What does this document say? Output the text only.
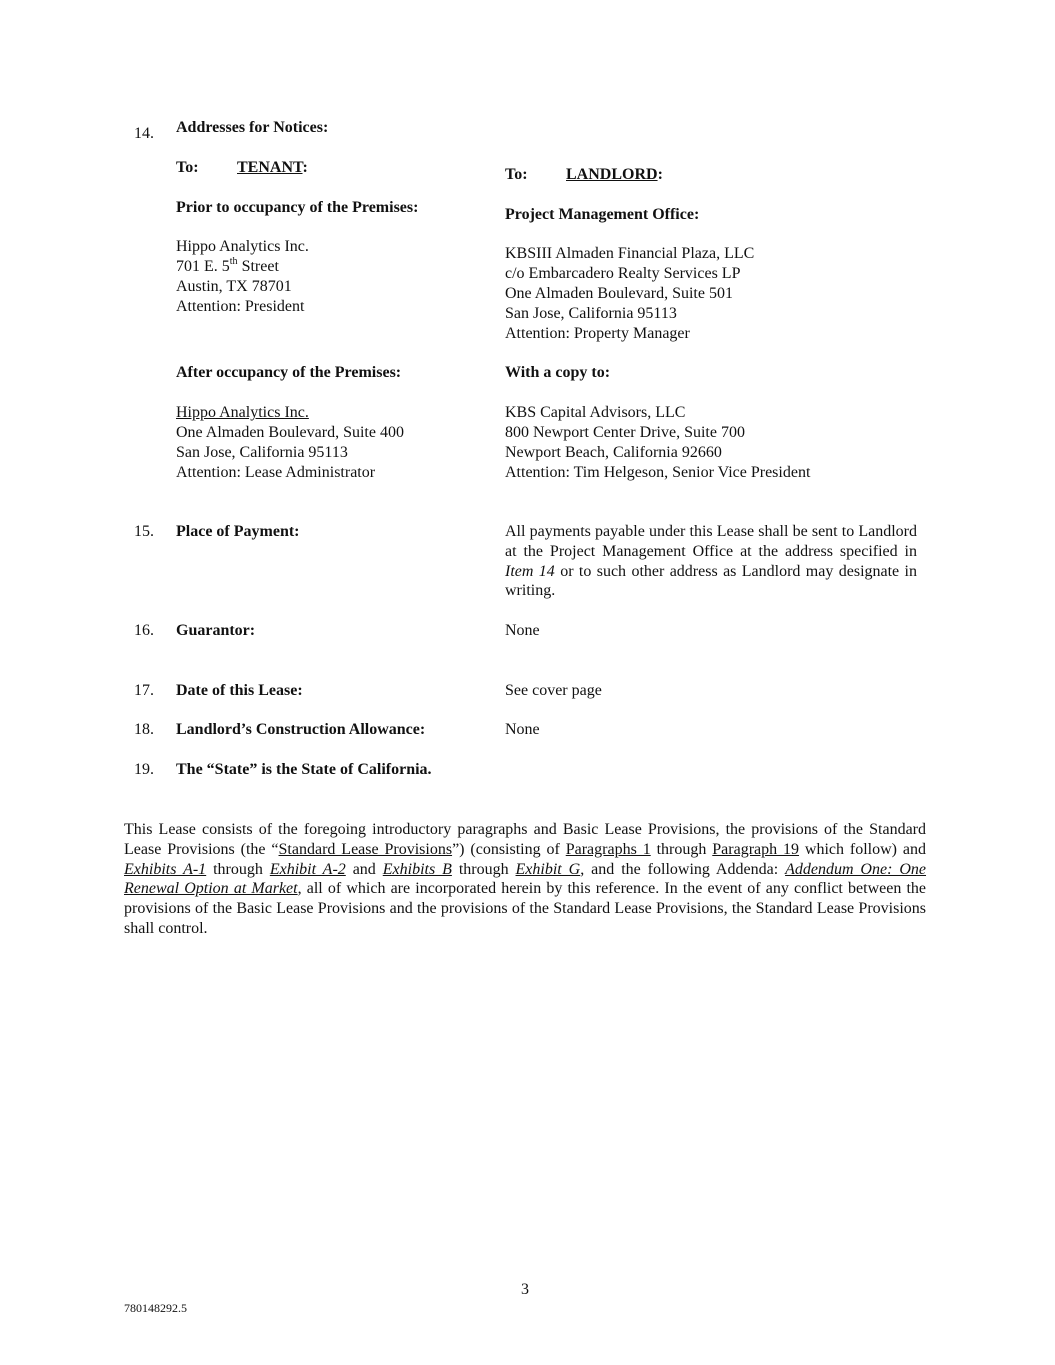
14. Addresses for Notices:
To: TENANT:
Prior to occupancy of the Premises:
Hippo Analytics Inc.
701 E. 5th Street
Austin, TX 78701
Attention: President
After occupancy of the Premises:
Hippo Analytics Inc.
One Almaden Boulevard, Suite 400
San Jose, California 95113
Attention: Lease Administrator
To: LANDLORD:
Project Management Office:
KBSIII Almaden Financial Plaza, LLC
c/o Embarcadero Realty Services LP
One Almaden Boulevard, Suite 501
San Jose, California 95113
Attention: Property Manager
With a copy to:
KBS Capital Advisors, LLC
800 Newport Center Drive, Suite 700
Newport Beach, California 92660
Attention: Tim Helgeson, Senior Vice President
15. Place of Payment:	All payments payable under this Lease shall be sent to Landlord at the Project Management Office at the address specified in Item 14 or to such other address as Landlord may designate in writing.
16. Guarantor:	None
17. Date of this Lease:	See cover page
18. Landlord’s Construction Allowance:	None
19. The “State” is the State of California.
This Lease consists of the foregoing introductory paragraphs and Basic Lease Provisions, the provisions of the Standard Lease Provisions (the “Standard Lease Provisions”) (consisting of Paragraphs 1 through Paragraph 19 which follow) and Exhibits A-1 through Exhibit A-2 and Exhibits B through Exhibit G, and the following Addenda: Addendum One: One Renewal Option at Market, all of which are incorporated herein by this reference. In the event of any conflict between the provisions of the Basic Lease Provisions and the provisions of the Standard Lease Provisions, the Standard Lease Provisions shall control.
3
780148292.5
